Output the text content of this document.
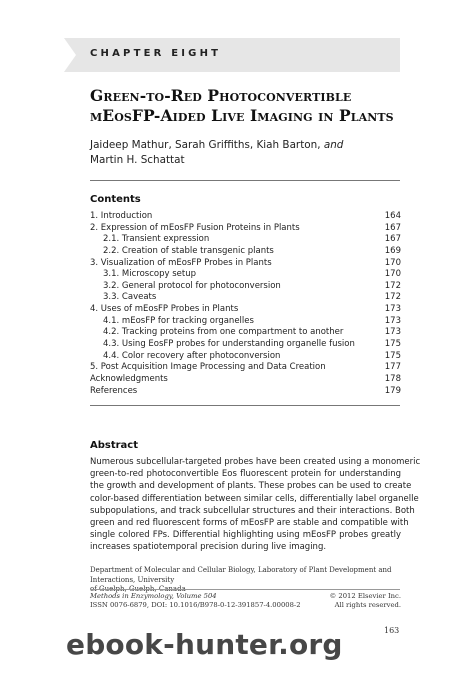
CHAPTER EIGHT
Green-to-Red Photoconvertible
mEosFP-Aided Live Imaging in Plants
Jaideep Mathur, Sarah Griffiths, Kiah Barton, and
Martin H. Schattat
Contents
1. Introduction	164
2. Expression of mEosFP Fusion Proteins in Plants	167
2.1. Transient expression	167
2.2. Creation of stable transgenic plants	169
3. Visualization of mEosFP Probes in Plants	170
3.1. Microscopy setup	170
3.2. General protocol for photoconversion	172
3.3. Caveats	172
4. Uses of mEosFP Probes in Plants	173
4.1. mEosFP for tracking organelles	173
4.2. Tracking proteins from one compartment to another	173
4.3. Using EosFP probes for understanding organelle fusion	175
4.4. Color recovery after photoconversion	175
5. Post Acquisition Image Processing and Data Creation	177
Acknowledgments	178
References	179
Abstract
Numerous subcellular-targeted probes have been created using a monomeric
green-to-red photoconvertible Eos fluorescent protein for understanding
the growth and development of plants. These probes can be used to create
color-based differentiation between similar cells, differentially label organelle
subpopulations, and track subcellular structures and their interactions. Both
green and red fluorescent forms of mEosFP are stable and compatible with
single colored FPs. Differential highlighting using mEosFP probes greatly
increases spatiotemporal precision during live imaging.
Department of Molecular and Cellular Biology, Laboratory of Plant Development and Interactions, University
of Guelph, Guelph, Canada
Methods in Enzymology, Volume 504	© 2012 Elsevier Inc.
ISSN 0076-6879, DOI: 10.1016/B978-0-12-391857-4.00008-2	All rights reserved.
163
ebook-hunter.org
